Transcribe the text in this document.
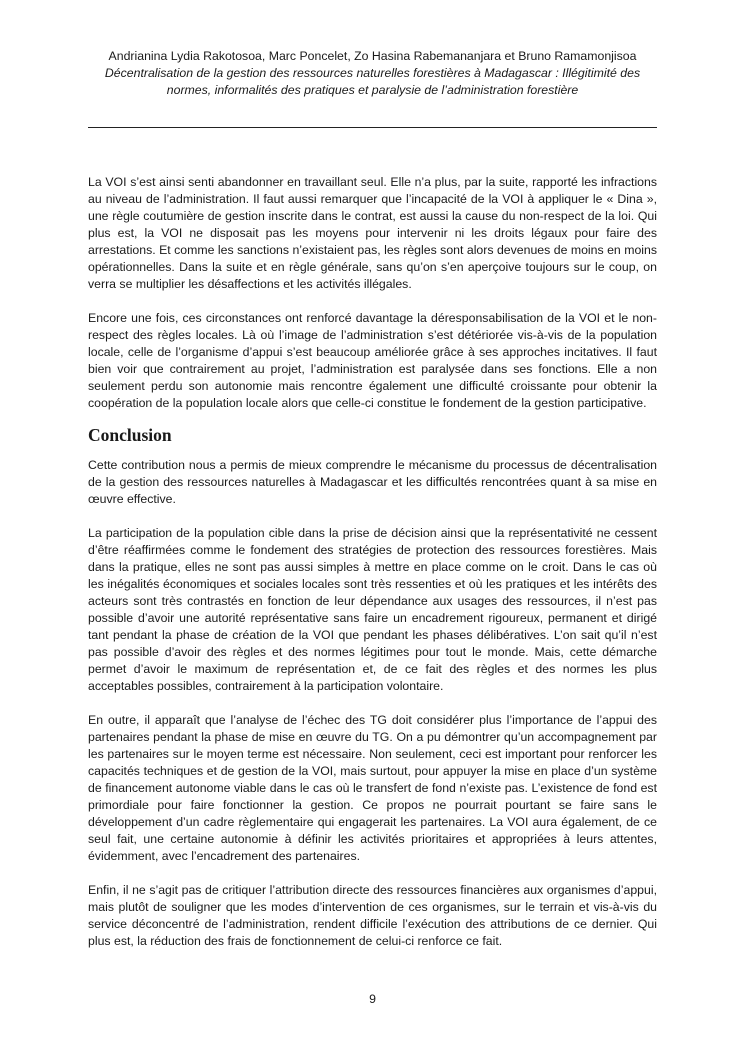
Andrianina Lydia Rakotosoa, Marc Poncelet, Zo Hasina Rabemananjara et Bruno Ramamonjisoa
Décentralisation de la gestion des ressources naturelles forestières à Madagascar : Illégitimité des normes, informalités des pratiques et paralysie de l’administration forestière

La VOI s’est ainsi senti abandonner en travaillant seul. Elle n’a plus, par la suite, rapporté les infractions au niveau de l’administration. Il faut aussi remarquer que l’incapacité de la VOI à appliquer le « Dina », une règle coutumière de gestion inscrite dans le contrat, est aussi la cause du non-respect de la loi. Qui plus est, la VOI ne disposait pas les moyens pour intervenir ni les droits légaux pour faire des arrestations. Et comme les sanctions n’existaient pas, les règles sont alors devenues de moins en moins opérationnelles. Dans la suite et en règle générale, sans qu’on s’en aperçoive toujours sur le coup, on verra se multiplier les désaffections et les activités illégales.

Encore une fois, ces circonstances ont renforcé davantage la déresponsabilisation de la VOI et le non-respect des règles locales. Là où l’image de l’administration s’est détériorée vis-à-vis de la population locale, celle de l’organisme d’appui s’est beaucoup améliorée grâce à ses approches incitatives. Il faut bien voir que contrairement au projet, l’administration est paralysée dans ses fonctions. Elle a non seulement perdu son autonomie mais rencontre également une difficulté croissante pour obtenir la coopération de la population locale alors que celle-ci constitue le fondement de la gestion participative.

Conclusion

Cette contribution nous a permis de mieux comprendre le mécanisme du processus de décentralisation de la gestion des ressources naturelles à Madagascar et les difficultés rencontrées quant à sa mise en œuvre effective.

La participation de la population cible dans la prise de décision ainsi que la représentativité ne cessent d’être réaffirmées comme le fondement des stratégies de protection des ressources forestières. Mais dans la pratique, elles ne sont pas aussi simples à mettre en place comme on le croit. Dans le cas où les inégalités économiques et sociales locales sont très ressenties et où les pratiques et les intérêts des acteurs sont très contrastés en fonction de leur dépendance aux usages des ressources, il n’est pas possible d’avoir une autorité représentative sans faire un encadrement rigoureux, permanent et dirigé tant pendant la phase de création de la VOI que pendant les phases délibératives. L’on sait qu’il n’est pas possible d’avoir des règles et des normes légitimes pour tout le monde. Mais, cette démarche permet d’avoir le maximum de représentation et, de ce fait des règles et des normes les plus acceptables possibles, contrairement à la participation volontaire.

En outre, il apparaît que l’analyse de l’échec des TG doit considérer plus l’importance de l’appui des partenaires pendant la phase de mise en œuvre du TG. On a pu démontrer qu’un accompagnement par les partenaires sur le moyen terme est nécessaire. Non seulement, ceci est important pour renforcer les capacités techniques et de gestion de la VOI, mais surtout, pour appuyer la mise en place d’un système de financement autonome viable dans le cas où le transfert de fond n’existe pas. L’existence de fond est primordiale pour faire fonctionner la gestion. Ce propos ne pourrait pourtant se faire sans le développement d’un cadre règlementaire qui engagerait les partenaires. La VOI aura également, de ce seul fait, une certaine autonomie à définir les activités prioritaires et appropriées à leurs attentes, évidemment, avec l’encadrement des partenaires.

Enfin, il ne s’agit pas de critiquer l’attribution directe des ressources financières aux organismes d’appui, mais plutôt de souligner que les modes d’intervention de ces organismes, sur le terrain et vis-à-vis du service déconcentré de l’administration, rendent difficile l’exécution des attributions de ce dernier. Qui plus est, la réduction des frais de fonctionnement de celui-ci renforce ce fait.

9
